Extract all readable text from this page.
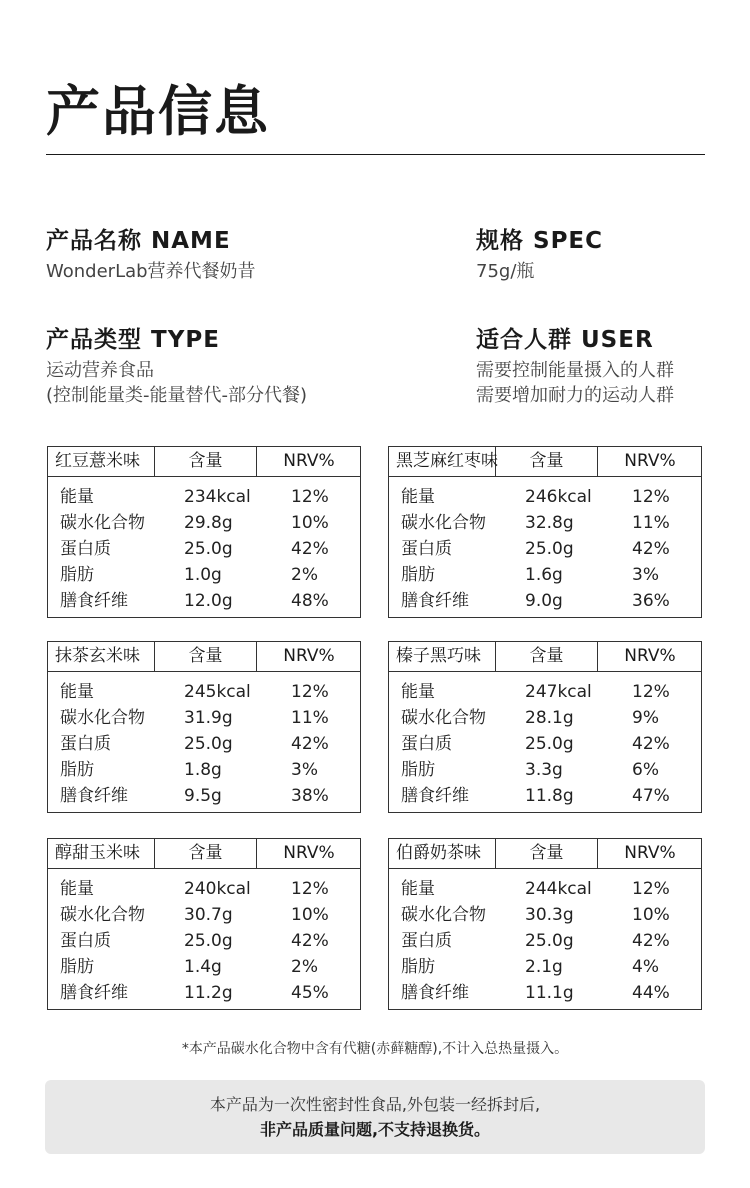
产品信息
产品名称 NAME
WonderLab营养代餐奶昔
规格 SPEC
75g/瓶
产品类型 TYPE
运动营养食品
(控制能量类-能量替代-部分代餐)
适合人群 USER
需要控制能量摄入的人群
需要增加耐力的运动人群
红豆薏米味	含量	NRV%
能量	234kcal 12%
碳水化合物 29.8g	10%
蛋白质	25.0g	42%
脂肪	1.0g	2%
膳食纤维	12.0g	48%
黑芝麻红枣味	含量	NRV%
能量	246kcal 12%
碳水化合物 32.8g	11%
蛋白质	25.0g	42%
脂肪	1.6g	3%
膳食纤维	9.0g	36%
抹茶玄米味	含量	NRV%
能量	245kcal 12%
碳水化合物 31.9g	11%
蛋白质	25.0g	42%
脂肪	1.8g	3%
膳食纤维	9.5g	38%
榛子黑巧味	含量	NRV%
能量	247kcal 12%
碳水化合物 28.1g	9%
蛋白质	25.0g	42%
脂肪	3.3g	6%
膳食纤维	11.8g	47%
醇甜玉米味	含量	NRV%
能量	240kcal 12%
碳水化合物 30.7g	10%
蛋白质	25.0g	42%
脂肪	1.4g	2%
膳食纤维	11.2g	45%
伯爵奶茶味	含量	NRV%
能量	244kcal 12%
碳水化合物 30.3g	10%
蛋白质	25.0g	42%
脂肪	2.1g	4%
膳食纤维	11.1g	44%
*本产品碳水化合物中含有代糖(赤藓糖醇),不计入总热量摄入。
本产品为一次性密封性食品,外包装一经拆封后,
非产品质量问题,不支持退换货。
